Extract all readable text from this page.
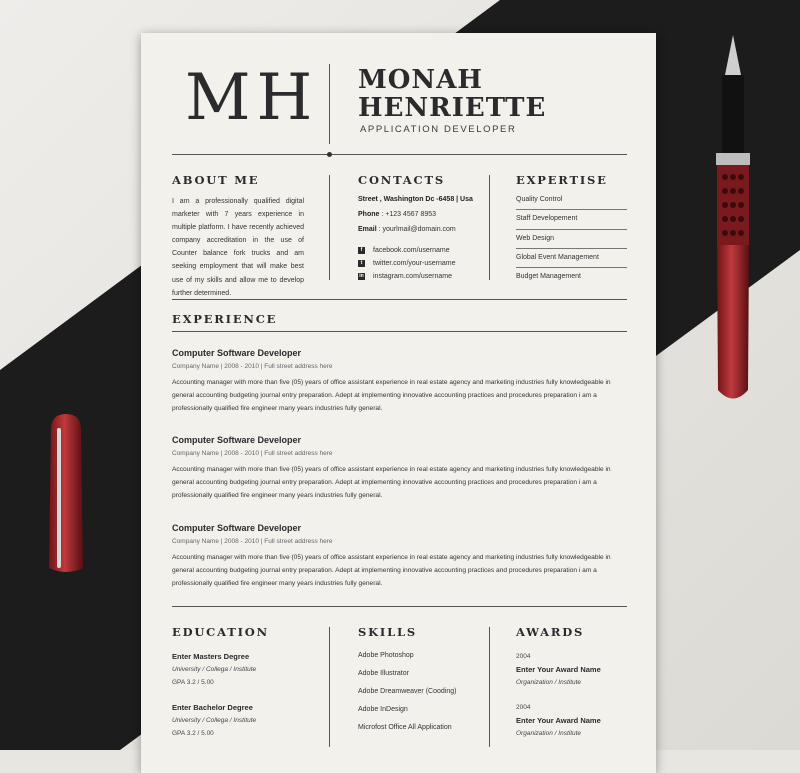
MH MONAH
HENRIETTE
APPLICATION DEVELOPER
ABOUT ME
I am a professionally qualified digital marketer with 7 years experience in multiple platform. I have recently achieved company accreditation in the use of Counter balance fork trucks and am seeking employment that will make best use of my skills and allow me to develop further determined.
CONTACTS
Street , Washington Dc -6458 | Usa
Phone : +123 4567 8953
Email : yourlmail@domain.com
f	facebook.com/username
t	twitter.com/your-username
in instagram.com/username
EXPERTISE
Quality Control
Staff Developement
Web Design
Global Event Management
Budget Management
EXPERIENCE
Computer Software Developer
Company Name | 2008 - 2010 | Full street address here
Accounting manager with more than five (05) years of office assistant experience in real estate agency and marketing industries fully knowledgeable in general accounting budgeting journal entry preparation. Adept at implementing innovative accounting practices and procedures preparation i am a professionally qualified fire engineer many years industries fully general.
Computer Software Developer
Company Name | 2008 - 2010 | Full street address here
Accounting manager with more than five (05) years of office assistant experience in real estate agency and marketing industries fully knowledgeable in general accounting budgeting journal entry preparation. Adept at implementing innovative accounting practices and procedures preparation i am a professionally qualified fire engineer many years industries fully general.
Computer Software Developer
Company Name | 2008 - 2010 | Full street address here
Accounting manager with more than five (05) years of office assistant experience in real estate agency and marketing industries fully knowledgeable in general accounting budgeting journal entry preparation. Adept at implementing innovative accounting practices and procedures preparation i am a professionally qualified fire engineer many years industries fully general.
EDUCATION
Enter Masters Degree
University / Collega / Institute
GPA 3.2 / 5.00
Enter Bachelor Degree
University / Collega / Institute
GPA 3.2 / 5.00
SKILLS
Adobe Photoshop
Adobe Illustrator
Adobe Dreamweaver (Cooding)
Adobe InDesign
Microfost Office All Application
AWARDS
2004
Enter Your Award Name
Organization / Institute
2004
Enter Your Award Name
Organization / Institute
